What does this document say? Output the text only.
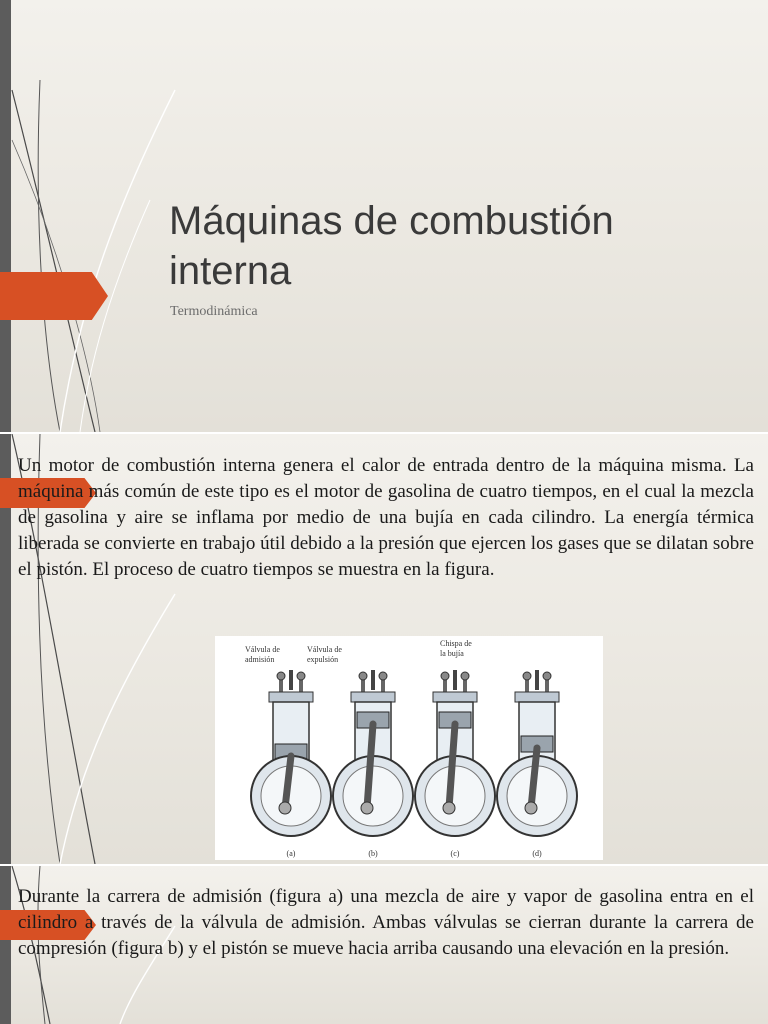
Máquinas de combustión interna
Termodinámica

Un motor de combustión interna genera el calor de entrada dentro de la máquina misma. La máquina más común de este tipo es el motor de gasolina de cuatro tiempos, en el cual la mezcla de gasolina y aire se inflama por medio de una bujía en cada cilindro. La energía térmica liberada se convierte en trabajo útil debido a la presión que ejercen los gases que se dilatan sobre el pistón. El proceso de cuatro tiempos se muestra en la figura.

Válvula de
admisión
Válvula de
expulsión
Chispa de
la bujía
(a)	(b)	(c)	(d)

Durante la carrera de admisión (figura a) una mezcla de aire y vapor de gasolina entra en el cilindro a través de la válvula de admisión. Ambas válvulas se cierran durante la carrera de compresión (figura b) y el pistón se mueve hacia arriba causando una elevación en la presión.
